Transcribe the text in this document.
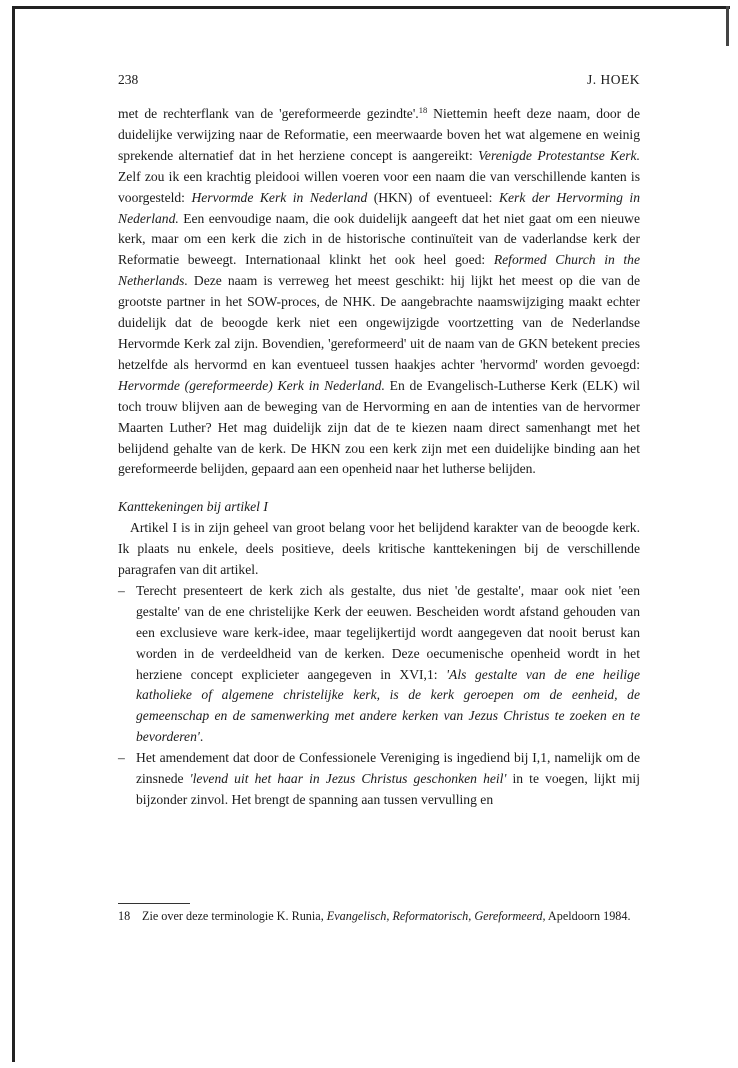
238	J. HOEK

met de rechterflank van de 'gereformeerde gezindte'.$^{18}$ Niettemin heeft deze naam, door de duidelijke verwijzing naar de Reformatie, een meerwaarde boven het wat algemene en weinig sprekende alternatief dat in het herziene concept is aangereikt: Verenigde Protestantse Kerk. Zelf zou ik een krachtig pleidooi willen voeren voor een naam die van verschillende kanten is voorgesteld: Hervormde Kerk in Nederland (HKN) of eventueel: Kerk der Hervorming in Nederland. Een eenvoudige naam, die ook duidelijk aangeeft dat het niet gaat om een nieuwe kerk, maar om een kerk die zich in de historische continuïteit van de vaderlandse kerk der Reformatie beweegt. Internationaal klinkt het ook heel goed: Reformed Church in the Netherlands. Deze naam is verreweg het meest geschikt: hij lijkt het meest op die van de grootste partner in het SOW-proces, de NHK. De aangebrachte naamswijziging maakt echter duidelijk dat de beoogde kerk niet een ongewijzigde voortzetting van de Nederlandse Hervormde Kerk zal zijn. Bovendien, 'gereformeerd' uit de naam van de GKN betekent precies hetzelfde als hervormd en kan eventueel tussen haakjes achter 'hervormd' worden gevoegd: Hervormde (gereformeerde) Kerk in Nederland. En de Evangelisch-Lutherse Kerk (ELK) wil toch trouw blijven aan de beweging van de Hervorming en aan de intenties van de hervormer Maarten Luther? Het mag duidelijk zijn dat de te kiezen naam direct samenhangt met het belijdend gehalte van de kerk. De HKN zou een kerk zijn met een duidelijke binding aan het gereformeerde belijden, gepaard aan een openheid naar het lutherse belijden.

Kanttekeningen bij artikel I

Artikel I is in zijn geheel van groot belang voor het belijdend karakter van de beoogde kerk. Ik plaats nu enkele, deels positieve, deels kritische kanttekeningen bij de verschillende paragrafen van dit artikel.

– Terecht presenteert de kerk zich als gestalte, dus niet 'de gestalte', maar ook niet 'een gestalte' van de ene christelijke Kerk der eeuwen. Bescheiden wordt afstand gehouden van een exclusieve ware kerk-idee, maar tegelijkertijd wordt aangegeven dat nooit berust kan worden in de verdeeldheid van de kerken. Deze oecumenische openheid wordt in het herziene concept explicieter aangegeven in XVI,1: 'Als gestalte van de ene heilige katholieke of algemene christelijke kerk, is de kerk geroepen om de eenheid, de gemeenschap en de samenwerking met andere kerken van Jezus Christus te zoeken en te bevorderen'.
– Het amendement dat door de Confessionele Vereniging is ingediend bij I,1, namelijk om de zinsnede 'levend uit het haar in Jezus Christus geschonken heil' in te voegen, lijkt mij bijzonder zinvol. Het brengt de spanning aan tussen vervulling en
18 Zie over deze terminologie K. Runia, Evangelisch, Reformatorisch, Gereformeerd, Apeldoorn 1984.
